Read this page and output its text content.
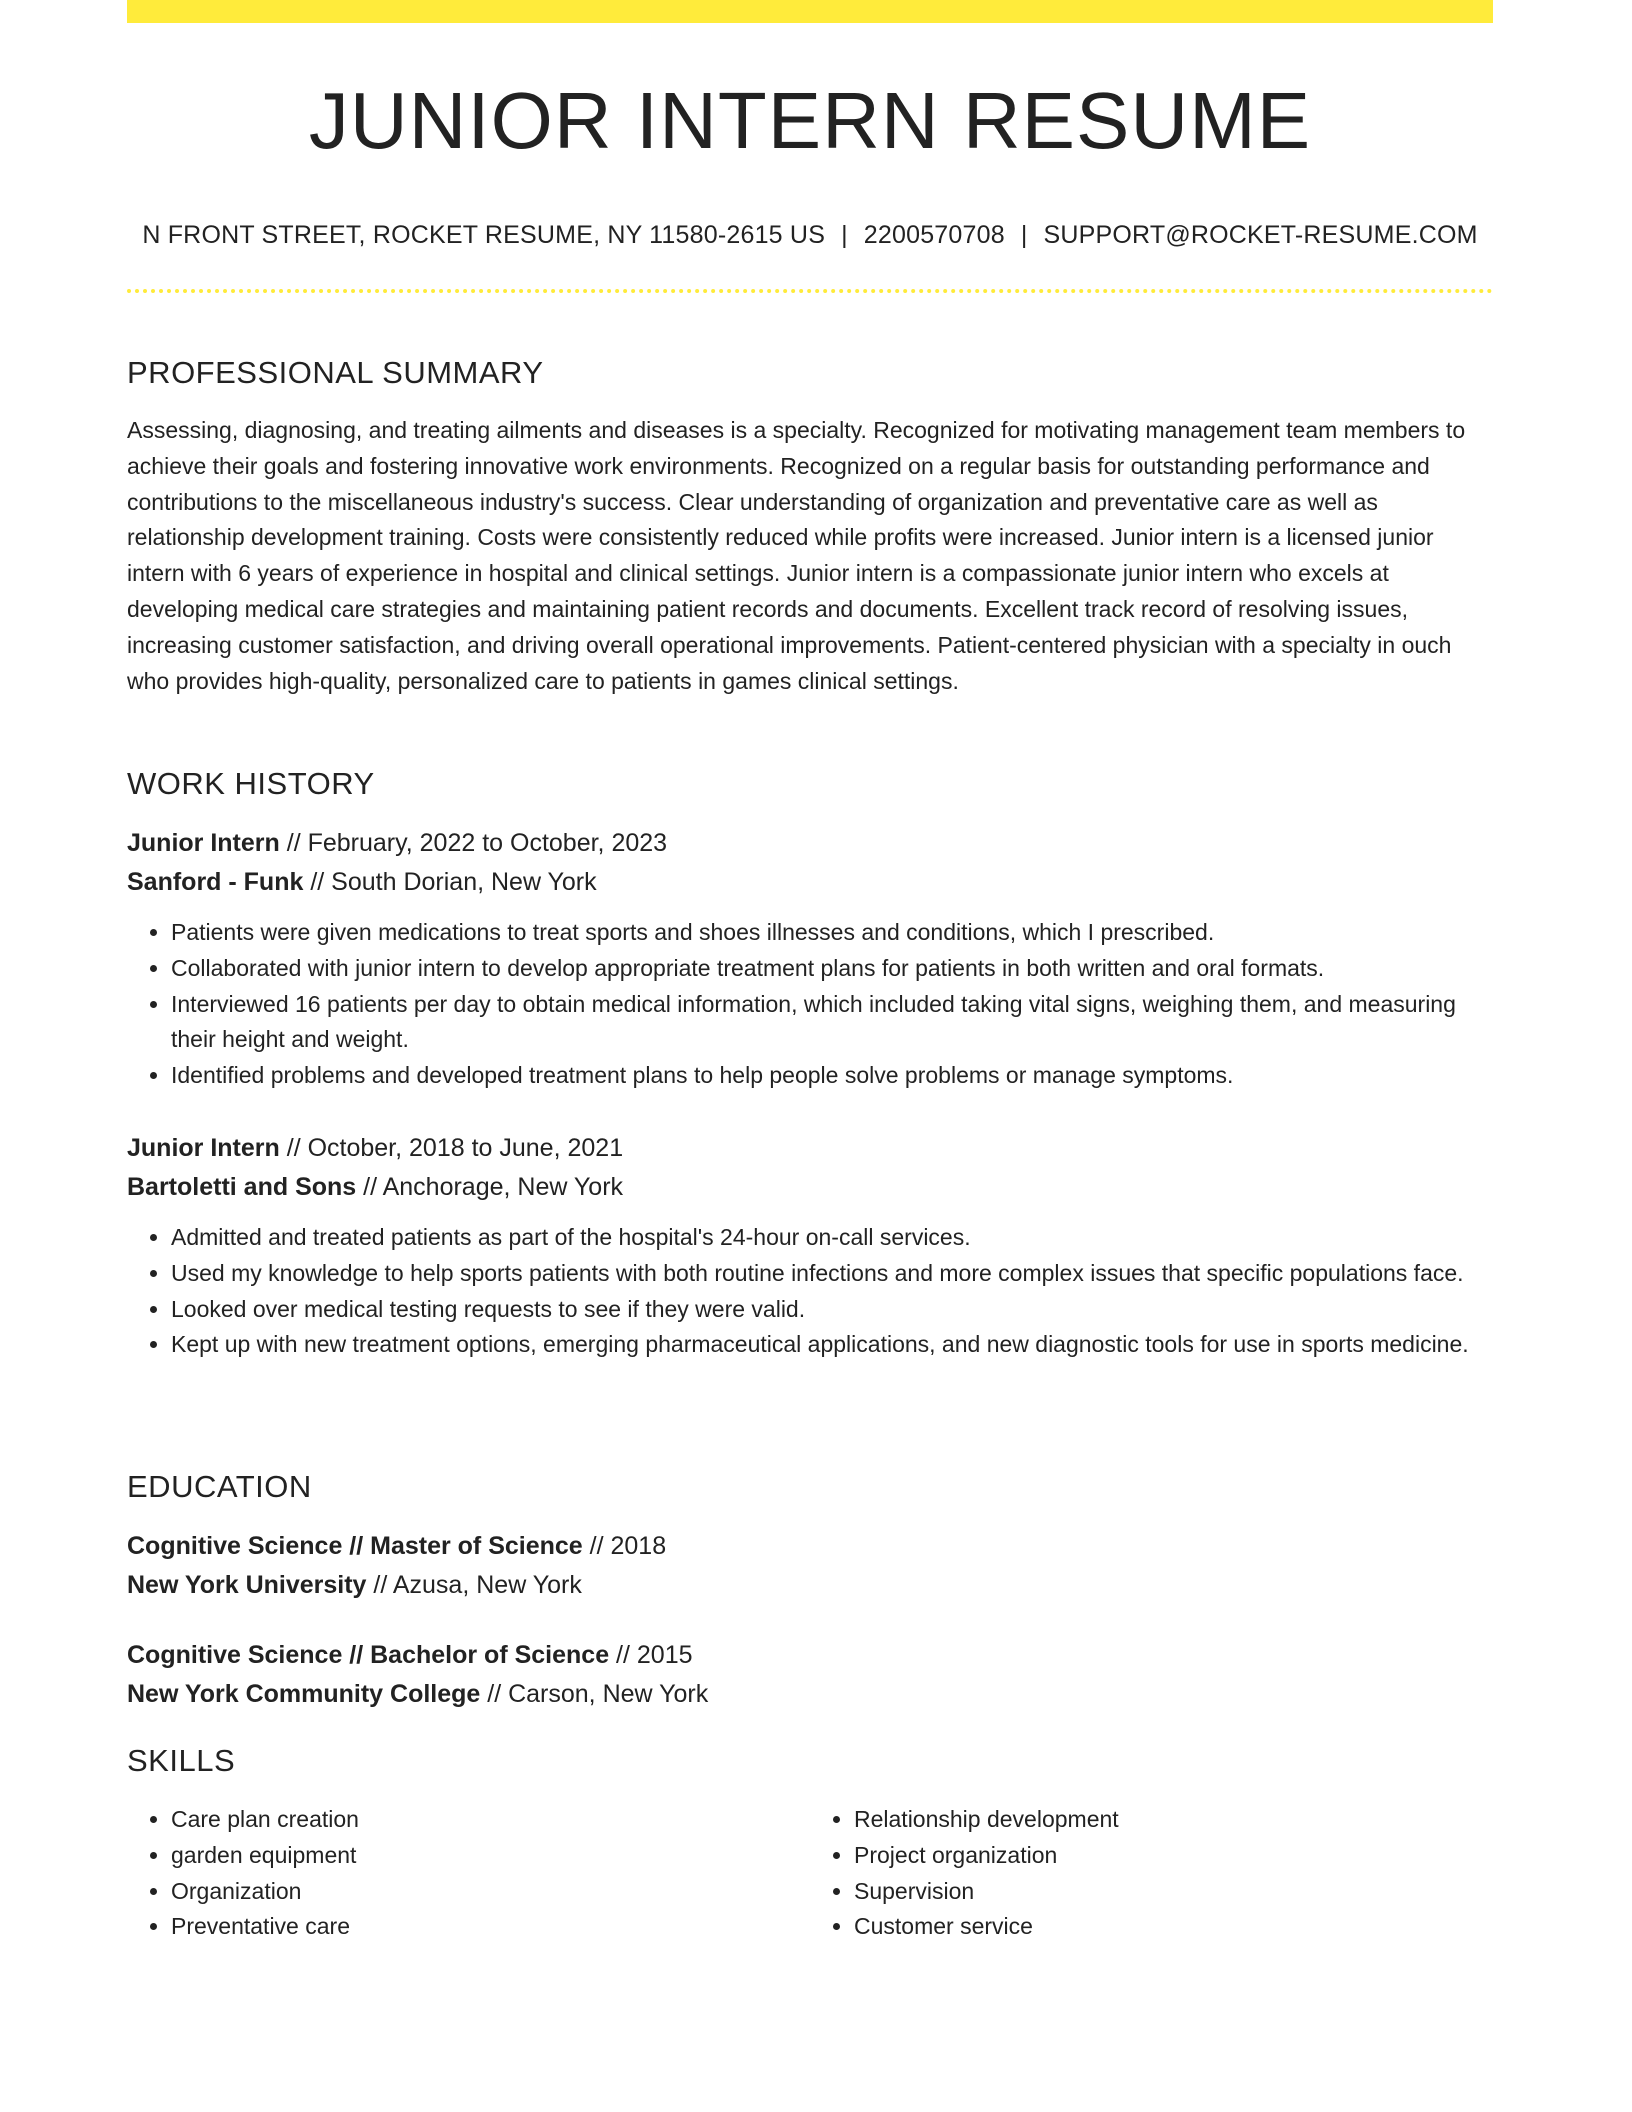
JUNIOR INTERN RESUME
N FRONT STREET, ROCKET RESUME, NY 11580-2615 US | 2200570708 | SUPPORT@ROCKET-RESUME.COM
PROFESSIONAL SUMMARY

Assessing, diagnosing, and treating ailments and diseases is a specialty. Recognized for motivating management team members to achieve their goals and fostering innovative work environments. Recognized on a regular basis for outstanding performance and contributions to the miscellaneous industry's success. Clear understanding of organization and preventative care as well as relationship development training. Costs were consistently reduced while profits were increased. Junior intern is a licensed junior intern with 6 years of experience in hospital and clinical settings. Junior intern is a compassionate junior intern who excels at developing medical care strategies and maintaining patient records and documents. Excellent track record of resolving issues, increasing customer satisfaction, and driving overall operational improvements. Patient-centered physician with a specialty in ouch who provides high-quality, personalized care to patients in games clinical settings.

WORK HISTORY

Junior Intern // February, 2022 to October, 2023

Sanford - Funk // South Dorian, New York

• Patients were given medications to treat sports and shoes illnesses and conditions, which I prescribed.
• Collaborated with junior intern to develop appropriate treatment plans for patients in both written and oral formats.
• Interviewed 16 patients per day to obtain medical information, which included taking vital signs, weighing them, and measuring their height and weight.
• Identified problems and developed treatment plans to help people solve problems or manage symptoms.

Junior Intern // October, 2018 to June, 2021

Bartoletti and Sons // Anchorage, New York

• Admitted and treated patients as part of the hospital's 24-hour on-call services.
• Used my knowledge to help sports patients with both routine infections and more complex issues that specific populations face.
• Looked over medical testing requests to see if they were valid.
• Kept up with new treatment options, emerging pharmaceutical applications, and new diagnostic tools for use in sports medicine.
EDUCATION

Cognitive Science // Master of Science // 2018

New York University // Azusa, New York

Cognitive Science // Bachelor of Science // 2015

New York Community College // Carson, New York

SKILLS
• Care plan creation
• garden equipment
• Organization
• Preventative care
• Relationship development
• Project organization
• Supervision
• Customer service
